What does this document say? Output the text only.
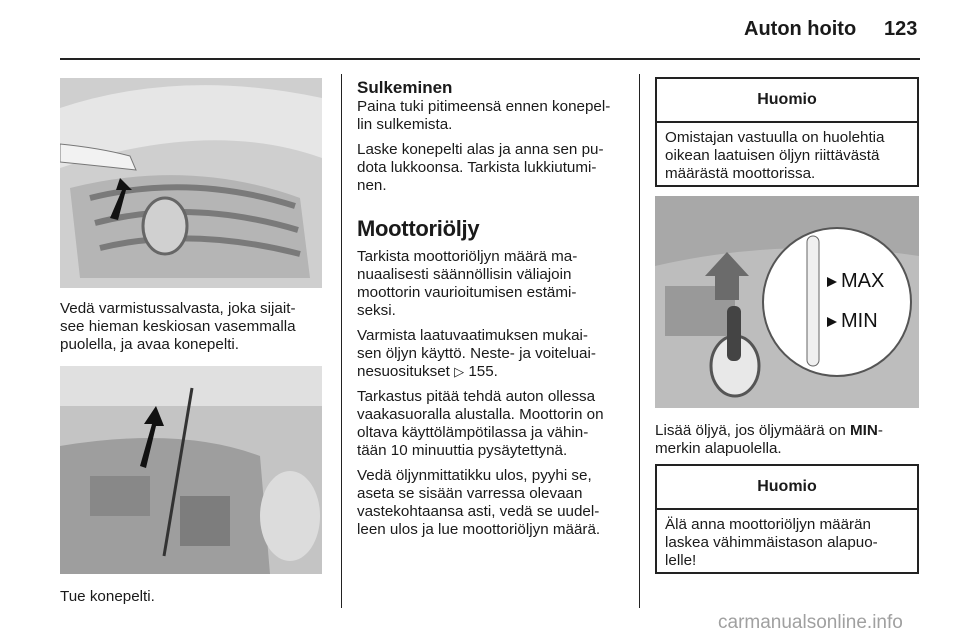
Auton hoito 123

Vedä varmistussalvasta, joka sijait-
see hieman keskiosan vasemmalla
puolella, ja avaa konepelti.

Tue konepelti.

Sulkeminen

Paina tuki pitimeensä ennen konepel-
lin sulkemista.

Laske konepelti alas ja anna sen pu-
dota lukkoonsa. Tarkista lukkiutumi-
nen.

Moottoriöljy

Tarkista moottoriöljyn määrä ma-
nuaalisesti säännöllisin väliajoin
moottorin vaurioitumisen estämi-
seksi.

Varmista laatuvaatimuksen mukai-
sen öljyn käyttö. Neste- ja voiteluai-
nesuositukset ▷ 155.

Tarkastus pitää tehdä auton ollessa
vaakasuoralla alustalla. Moottorin on
oltava käyttölämpötilassa ja vähin-
tään 10 minuuttia pysäytettynä.

Vedä öljynmittatikku ulos, pyyhi se,
aseta se sisään varressa olevaan
vastekohtaansa asti, vedä se uudel-
leen ulos ja lue moottoriöljyn määrä.

Huomio
Omistajan vastuulla on huolehtia
oikean laatuisen öljyn riittävästä
määrästä moottorissa.
MAX
MIN

Lisää öljyä, jos öljymäärä on MIN-
merkin alapuolella.

Huomio
Älä anna moottoriöljyn määrän
laskea vähimmäistason alapuo-
lelle!
carmanualsonline.info
